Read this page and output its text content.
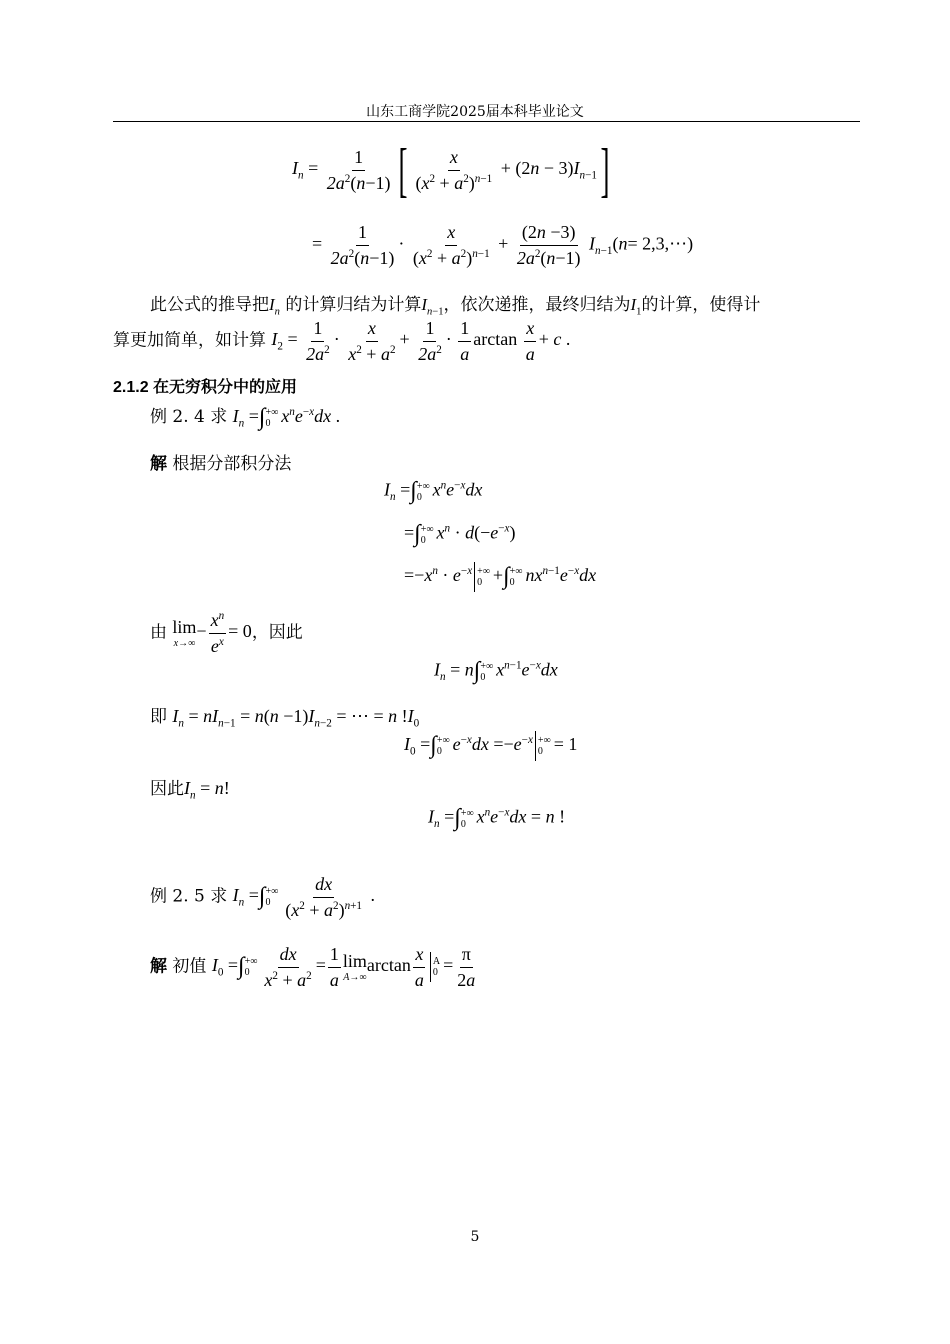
山东工商学院2025届本科毕业论文
$I_n = \frac{1}{2a^2(n-1)}$ [ $\frac{x}{(x^2 + a^2)^{n-1}} + (2n - 3)I_{n-1}$ ]
= $\frac{1}{2a^2(n-1)} \cdot \frac{x}{(x^2 + a^2)^{n-1}} + \frac{(2n -3)}{2a^2(n-1)} I_{n-1}(n=$ 2,3,⋯)
此公式的推导把$I_n$ 的计算归结为计算$I_{n-1}$，依次递推，最终归结为$I_1$的计算，使得计
算更加简单，如计算 $I_2 = \frac{1}{2a^2} \cdot \frac{x}{x^2 + a^2} + \frac{1}{2a^2} \cdot \frac{1}{a}$ $\arctan \frac{x}{a} + c$ .
2.1.2 在无穷积分中的应用
例 2. 4 求 $I_n$ =∫ +∞
0 $x^ne^{-x}dx$ .
解 根据分部积分法
$I_n$ =∫ +∞
0 $x^ne^{-x}dx$
=∫ +∞
0 $x^n \cdot d(-e^{-x})$
$=-x^n \cdot e^{-x}$ +∞
0 +∫ +∞
0 $nx^{n-1}e^{-x}dx$
由 lim
x→∞
− $\frac{x^n}{e^x} = 0$，因此
$I_n = n\int$ +∞
0 $x^{n-1}e^{-x}dx$
即 $I_n = nI_{n-1} = n(n -1)I_{n-2}$ = ⋯ = n $!I_0$
$I_0$ =∫ +∞
0 $e^{-x}dx =-e^{-x}$ +∞
0 = 1
因此$I_n = n$!
$I_n$ =∫ +∞
0 $x^ne^{-x}dx = n$ !
例 2. 5 求 $I_n$ =∫ +∞
$0 \frac{dx}{(x^2 + a^2)^{n+1}}$ .
解 初值 $I_0$ =∫ +∞
$0 \frac{dx}{x^2 + a^2} = \frac{1}{a}$ lim
A→∞
$\arctan \frac{x}{a}$ A
$0 = \frac{\pi}{2a}$
5
